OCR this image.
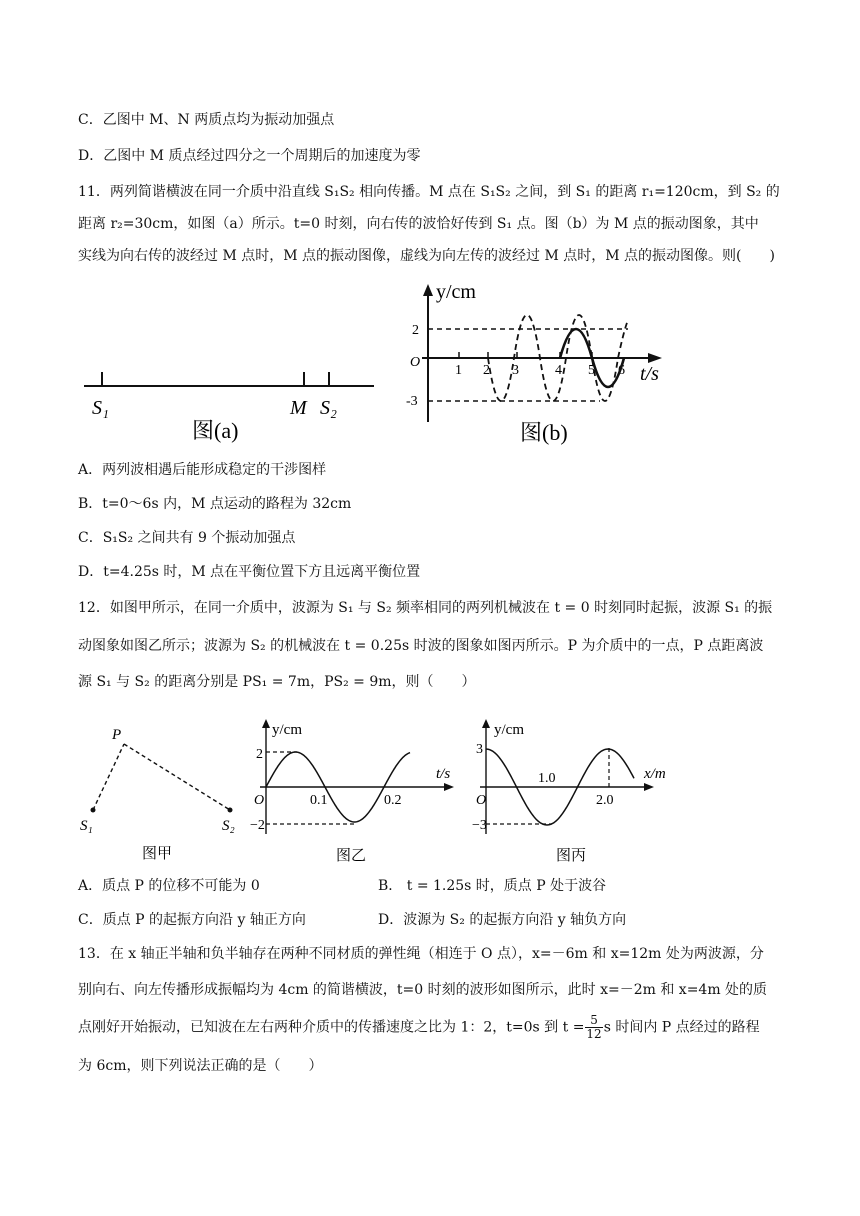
C．乙图中 M、N 两质点均为振动加强点
D．乙图中 M 质点经过四分之一个周期后的加速度为零
11．两列简谐横波在同一介质中沿直线 S₁S₂ 相向传播。M 点在 S₁S₂ 之间，到 S₁ 的距离 r₁=120cm，到 S₂ 的
距离 r₂=30cm，如图（a）所示。t=0 时刻，向右传的波恰好传到 S₁ 点。图（b）为 M 点的振动图象，其中
实线为向右传的波经过 M 点时，M 点的振动图像，虚线为向左传的波经过 M 点时，M 点的振动图像。则(　　)
S₁	M S₂
图(a)
y/cm
t/s
O
2
-3
1 2 3	4 5 6
图(b)
A．两列波相遇后能形成稳定的干涉图样
B．t=0～6s 内，M 点运动的路程为 32cm
C．S₁S₂ 之间共有 9 个振动加强点
D．t=4.25s 时，M 点在平衡位置下方且远离平衡位置
12．如图甲所示，在同一介质中，波源为 S₁ 与 S₂ 频率相同的两列机械波在 t = 0 时刻同时起振，波源 S₁ 的振
动图象如图乙所示；波源为 S₂ 的机械波在 t = 0.25s 时波的图象如图丙所示。P 为介质中的一点，P 点距离波
源 S₁ 与 S₂ 的距离分别是 PS₁ = 7m，PS₂ = 9m，则（　　）
P
S₁	S₂
图甲
y/cm
t/s
O
2
−2
0.1	0.2
图乙
y/cm
x/m
O
3
−3
1.0
2.0
图丙
A．质点 P 的位移不可能为 0	B． t = 1.25s 时，质点 P 处于波谷
C．质点 P 的起振方向沿 y 轴正方向	D．波源为 S₂ 的起振方向沿 y 轴负方向
13．在 x 轴正半轴和负半轴存在两种不同材质的弹性绳（相连于 O 点），x=－6m 和 x=12m 处为两波源，分
别向右、向左传播形成振幅均为 4cm 的简谐横波，t=0 时刻的波形如图所示，此时 x=－2m 和 x=4m 处的质
点刚好开始振动，已知波在左右两种介质中的传播速度之比为 1：2，t=0s 到 $t = \frac{5}{12}$ s 时间内 P 点经过的路程
为 6cm，则下列说法正确的是（　　）
